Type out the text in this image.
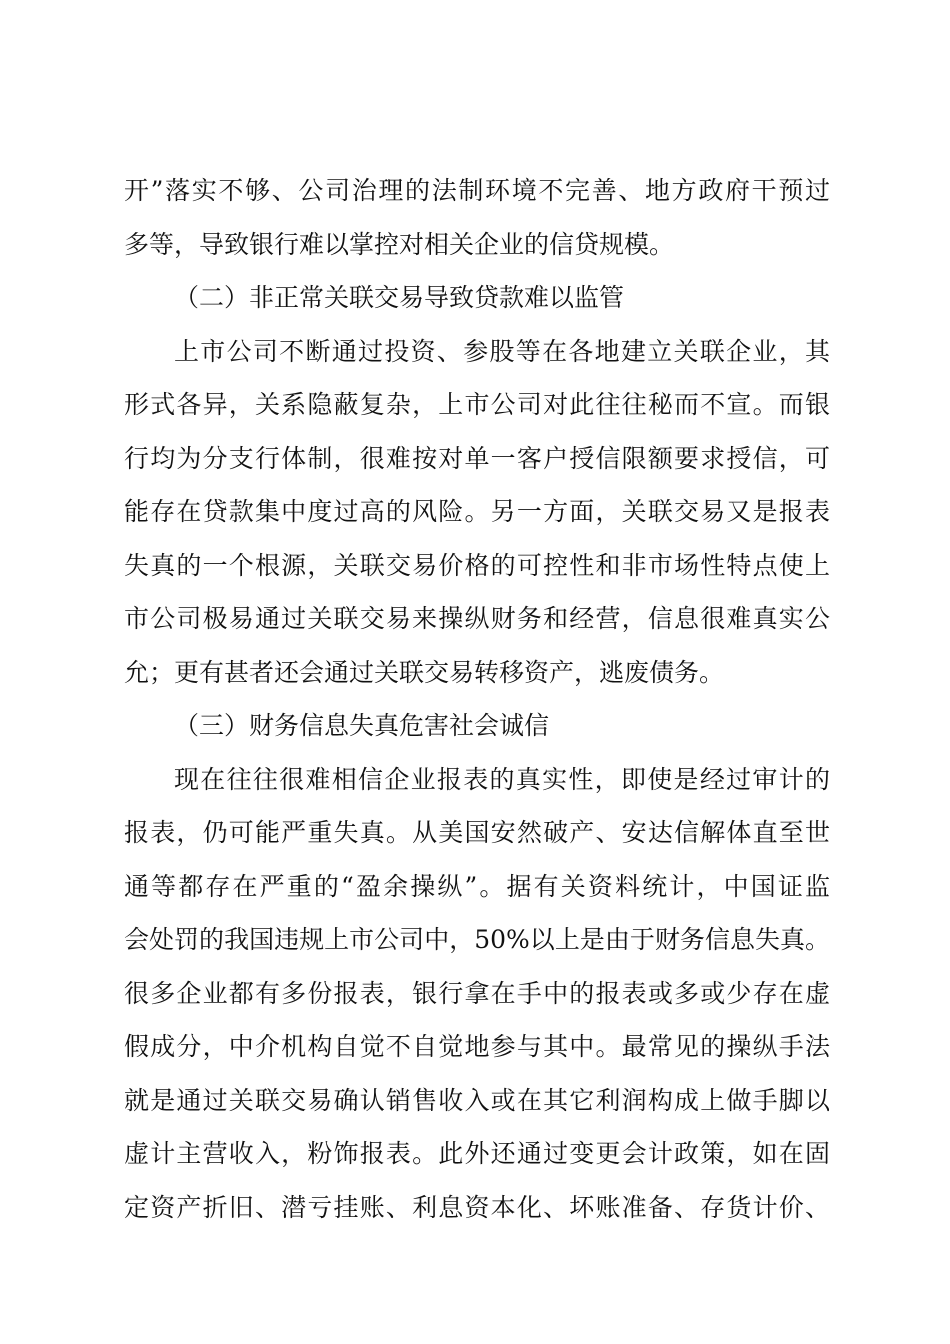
开”落实不够、公司治理的法制环境不完善、地方政府干预过
多等，导致银行难以掌控对相关企业的信贷规模。
（二）非正常关联交易导致贷款难以监管
上市公司不断通过投资、参股等在各地建立关联企业，其
形式各异，关系隐蔽复杂，上市公司对此往往秘而不宣。而银
行均为分支行体制，很难按对单一客户授信限额要求授信，可
能存在贷款集中度过高的风险。另一方面，关联交易又是报表
失真的一个根源，关联交易价格的可控性和非市场性特点使上
市公司极易通过关联交易来操纵财务和经营，信息很难真实公
允；更有甚者还会通过关联交易转移资产，逃废债务。
（三）财务信息失真危害社会诚信
现在往往很难相信企业报表的真实性，即使是经过审计的
报表，仍可能严重失真。从美国安然破产、安达信解体直至世
通等都存在严重的“盈余操纵”。据有关资料统计，中国证监
会处罚的我国违规上市公司中，50%以上是由于财务信息失真。
很多企业都有多份报表，银行拿在手中的报表或多或少存在虚
假成分，中介机构自觉不自觉地参与其中。最常见的操纵手法
就是通过关联交易确认销售收入或在其它利润构成上做手脚以
虚计主营收入，粉饰报表。此外还通过变更会计政策，如在固
定资产折旧、潜亏挂账、利息资本化、坏账准备、存货计价、
